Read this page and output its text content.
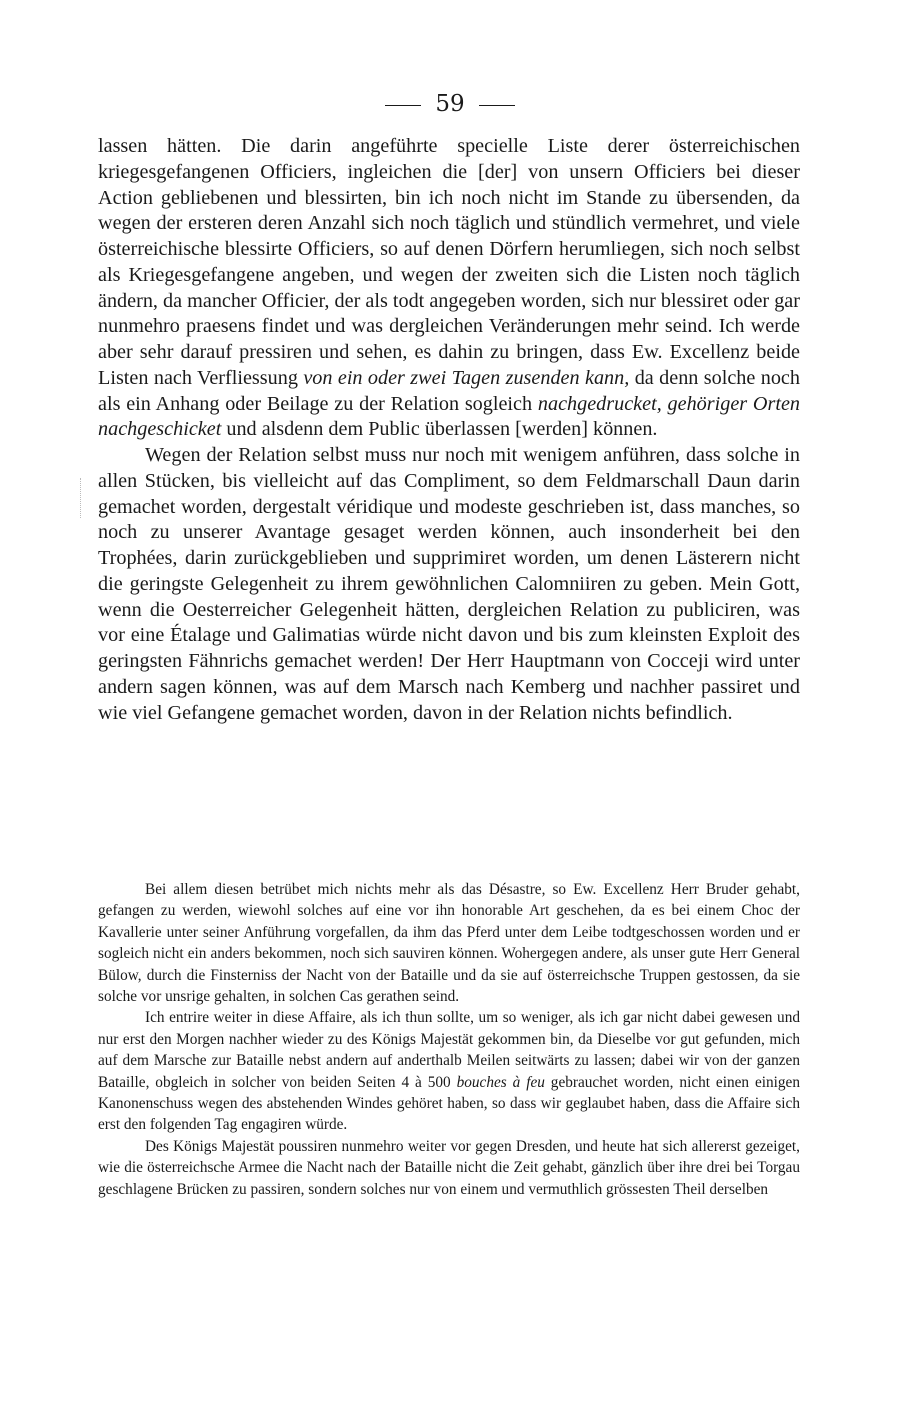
59

lassen hätten. Die darin angeführte specielle Liste derer österreichischen kriegesgefangenen Officiers, ingleichen die [der] von unsern Officiers bei dieser Action gebliebenen und blessirten, bin ich noch nicht im Stande zu übersenden, da wegen der ersteren deren Anzahl sich noch täglich und stündlich vermehret, und viele österreichische blessirte Officiers, so auf denen Dörfern herumliegen, sich noch selbst als Kriegesgefangene angeben, und wegen der zweiten sich die Listen noch täglich ändern, da mancher Officier, der als todt angegeben worden, sich nur blessiret oder gar nunmehro praesens findet und was dergleichen Veränderungen mehr seind. Ich werde aber sehr darauf pressiren und sehen, es dahin zu bringen, dass Ew. Excellenz beide Listen nach Verfliessung von ein oder zwei Tagen zusenden kann, da denn solche noch als ein Anhang oder Beilage zu der Relation sogleich nachgedrucket, gehöriger Orten nachgeschicket und alsdenn dem Public überlassen [werden] können.

Wegen der Relation selbst muss nur noch mit wenigem anführen, dass solche in allen Stücken, bis vielleicht auf das Compliment, so dem Feldmarschall Daun darin gemachet worden, dergestalt véridique und modeste geschrieben ist, dass manches, so noch zu unserer Avantage gesaget werden können, auch insonderheit bei den Trophées, darin zurückgeblieben und supprimiret worden, um denen Lästerern nicht die geringste Gelegenheit zu ihrem gewöhnlichen Calomniiren zu geben. Mein Gott, wenn die Oesterreicher Gelegenheit hätten, dergleichen Relation zu publiciren, was vor eine Étalage und Galimatias würde nicht davon und bis zum kleinsten Exploit des geringsten Fähnrichs gemachet werden! Der Herr Hauptmann von Cocceji wird unter andern sagen können, was auf dem Marsch nach Kemberg und nachher passiret und wie viel Gefangene gemachet worden, davon in der Relation nichts befindlich.

Bei allem diesen betrübet mich nichts mehr als das Désastre, so Ew. Excellenz Herr Bruder gehabt, gefangen zu werden, wiewohl solches auf eine vor ihn honorable Art geschehen, da es bei einem Choc der Kavallerie unter seiner Anführung vorgefallen, da ihm das Pferd unter dem Leibe todtgeschossen worden und er sogleich nicht ein anders bekommen, noch sich sauviren können. Wohergegen andere, als unser gute Herr General Bülow, durch die Finsterniss der Nacht von der Bataille und da sie auf österreichsche Truppen gestossen, da sie solche vor unsrige gehalten, in solchen Cas gerathen seind.

Ich entrire weiter in diese Affaire, als ich thun sollte, um so weniger, als ich gar nicht dabei gewesen und nur erst den Morgen nachher wieder zu des Königs Majestät gekommen bin, da Dieselbe vor gut gefunden, mich auf dem Marsche zur Bataille nebst andern auf anderthalb Meilen seitwärts zu lassen; dabei wir von der ganzen Bataille, obgleich in solcher von beiden Seiten 4 à 500 bouches à feu gebrauchet worden, nicht einen einigen Kanonenschuss wegen des abstehenden Windes gehöret haben, so dass wir geglaubet haben, dass die Affaire sich erst den folgenden Tag engagiren würde.

Des Königs Majestät poussiren nunmehro weiter vor gegen Dresden, und heute hat sich allererst gezeiget, wie die österreichsche Armee die Nacht nach der Bataille nicht die Zeit gehabt, gänzlich über ihre drei bei Torgau geschlagene Brücken zu passiren, sondern solches nur von einem und vermuthlich grössesten Theil derselben
